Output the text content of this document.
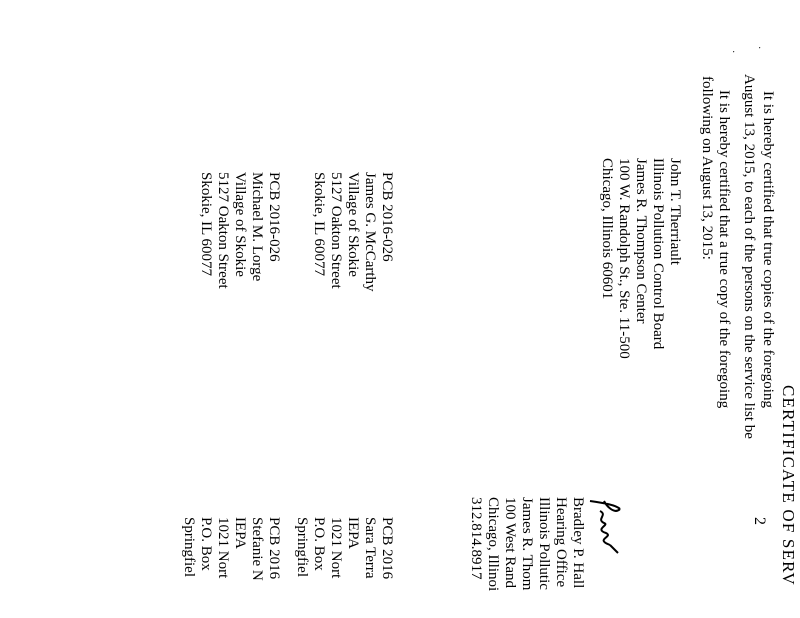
·
·
2 CERTIFICATE OF SERV
It is hereby certified that true copies of the foregoing
August 13, 2015, to each of the persons on the service list be
It is hereby certified that a true copy of the foregoing
following on August 13, 2015:
John T. Therriault
Illinois Pollution Control Board
James R. Thompson Center
100 W. Randolph St., Ste. 11-500
Chicago, Illinois 60601
Bradley P. Hall
Hearing Office
Illinois Pollutic
James R. Thom
100 West Rand
Chicago, Illinoi
312.814.8917
PCB 2016-026
James G. McCarthy
Village of Skokie
5127 Oakton Street
Skokie, IL 60077
PCB 2016
Sara Terra
IEPA
1021 Nort
P.O. Box
Springfiel
PCB 2016-026
Michael M. Lorge
Village of Skokie
5127 Oakton Street
Skokie, IL 60077
PCB 2016
Stefanie N
IEPA
1021 Nort
P.O. Box
Springfiel
